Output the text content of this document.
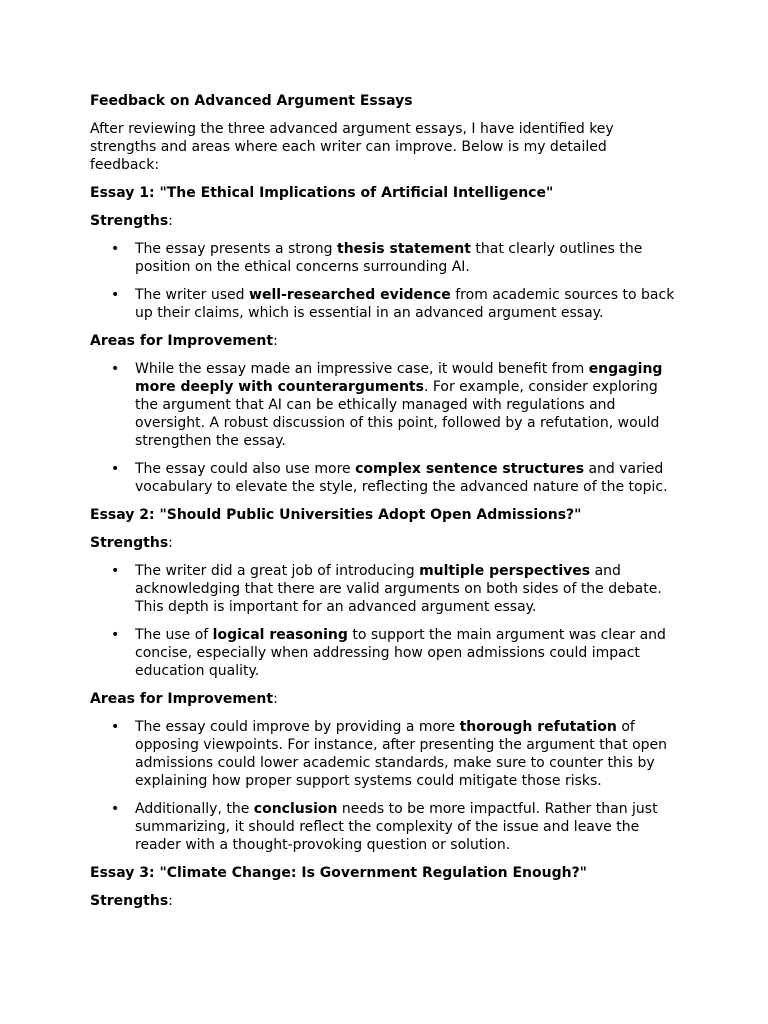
Feedback on Advanced Argument Essays
After reviewing the three advanced argument essays, I have identified key strengths and areas where each writer can improve. Below is my detailed feedback:
Essay 1: "The Ethical Implications of Artificial Intelligence"
Strengths:
• The essay presents a strong thesis statement that clearly outlines the position on the ethical concerns surrounding AI.
• The writer used well-researched evidence from academic sources to back up their claims, which is essential in an advanced argument essay.
Areas for Improvement:
• While the essay made an impressive case, it would benefit from engaging more deeply with counterarguments. For example, consider exploring the argument that AI can be ethically managed with regulations and oversight. A robust discussion of this point, followed by a refutation, would strengthen the essay.
• The essay could also use more complex sentence structures and varied vocabulary to elevate the style, reflecting the advanced nature of the topic.
Essay 2: "Should Public Universities Adopt Open Admissions?"
Strengths:
• The writer did a great job of introducing multiple perspectives and acknowledging that there are valid arguments on both sides of the debate. This depth is important for an advanced argument essay.
• The use of logical reasoning to support the main argument was clear and concise, especially when addressing how open admissions could impact education quality.
Areas for Improvement:
• The essay could improve by providing a more thorough refutation of opposing viewpoints. For instance, after presenting the argument that open admissions could lower academic standards, make sure to counter this by explaining how proper support systems could mitigate those risks.
• Additionally, the conclusion needs to be more impactful. Rather than just summarizing, it should reflect the complexity of the issue and leave the reader with a thought-provoking question or solution.
Essay 3: "Climate Change: Is Government Regulation Enough?"
Strengths:
